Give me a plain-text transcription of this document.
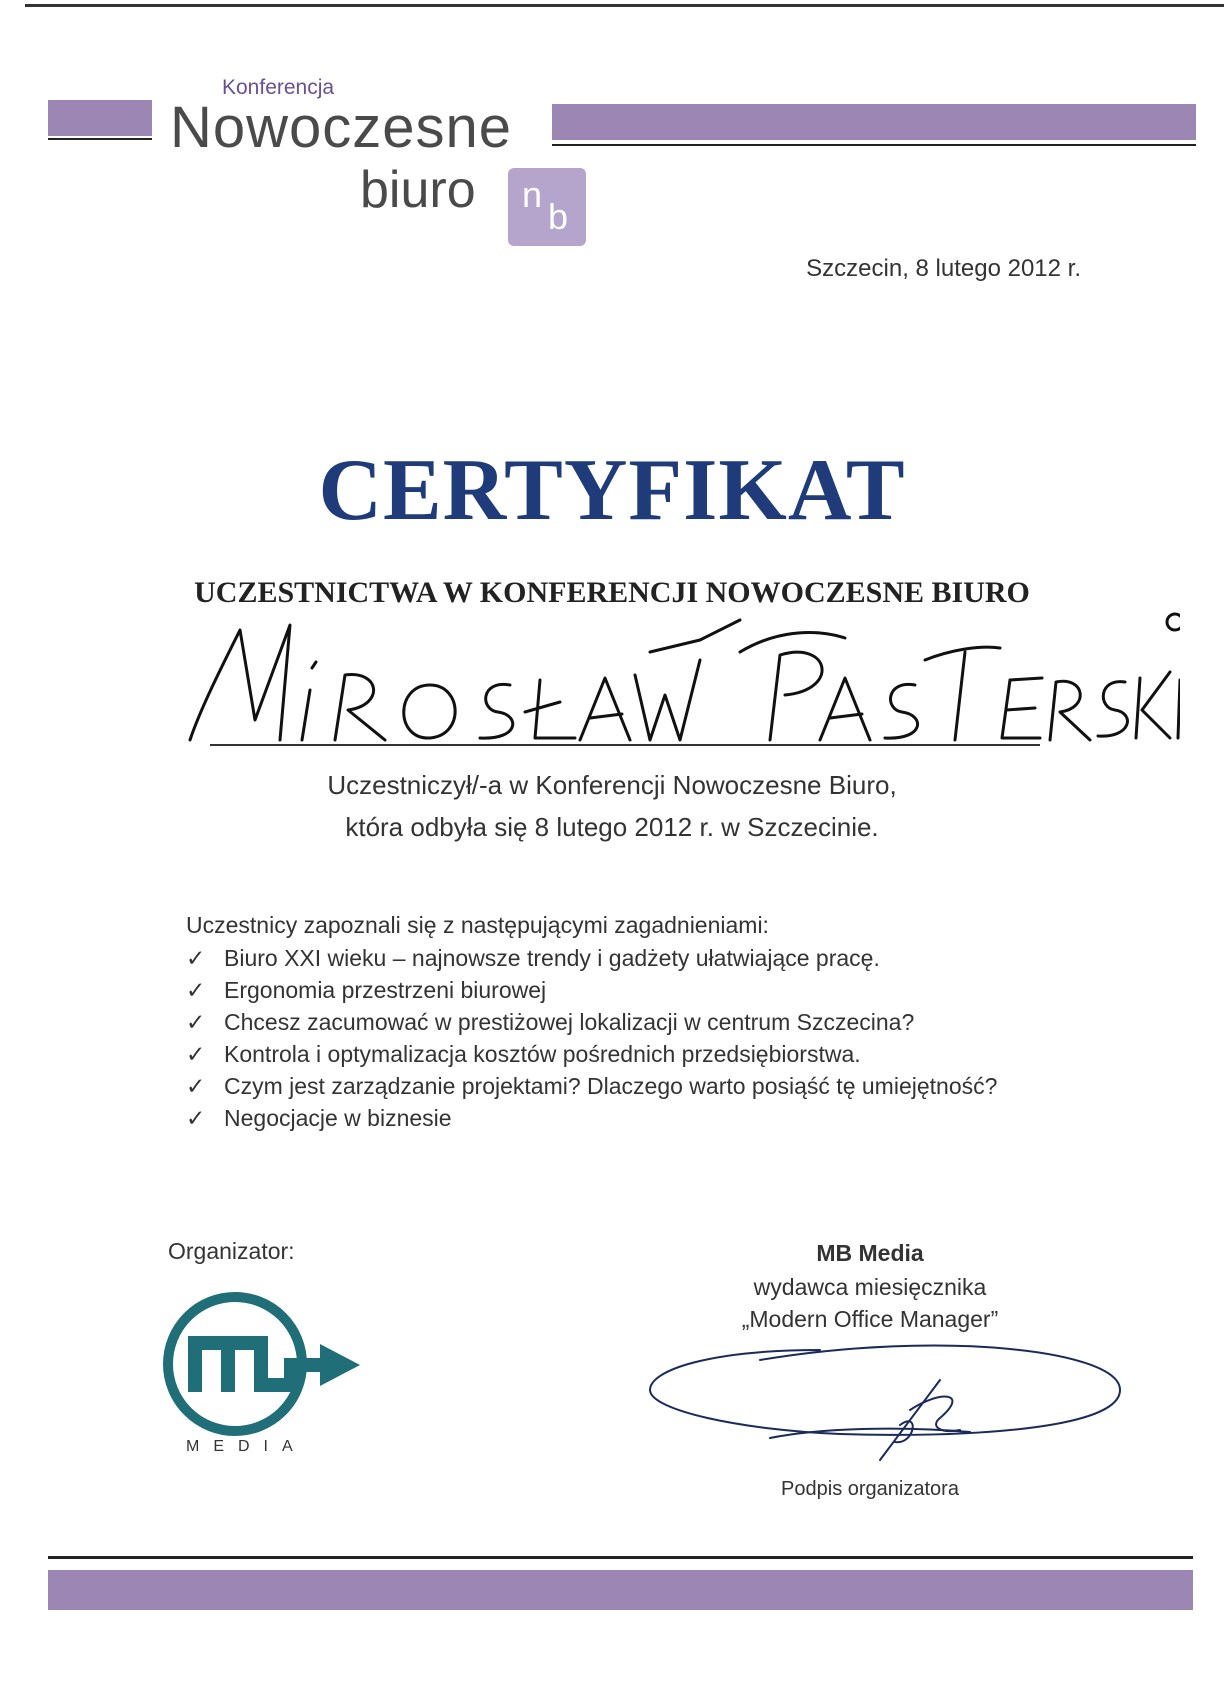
Konferencja
Nowoczesne
biuro n
b
Szczecin, 8 lutego 2012 r.
CERTYFIKAT
UCZESTNICTWA W KONFERENCJI NOWOCZESNE BIURO
Uczestniczył/-a w Konferencji Nowoczesne Biuro,
która odbyła się 8 lutego 2012 r. w Szczecinie.
Uczestnicy zapoznali się z następującymi zagadnieniami:
✓ Biuro XXI wieku – najnowsze trendy i gadżety ułatwiające pracę.
✓ Ergonomia przestrzeni biurowej
✓ Chcesz zacumować w prestiżowej lokalizacji w centrum Szczecina?
✓ Kontrola i optymalizacja kosztów pośrednich przedsiębiorstwa.
✓ Czym jest zarządzanie projektami? Dlaczego warto posiąść tę umiejętność?
✓ Negocjacje w biznesie
Organizator:
MEDIA
MB Media
wydawca miesięcznika
„Modern Office Manager”
Podpis organizatora
